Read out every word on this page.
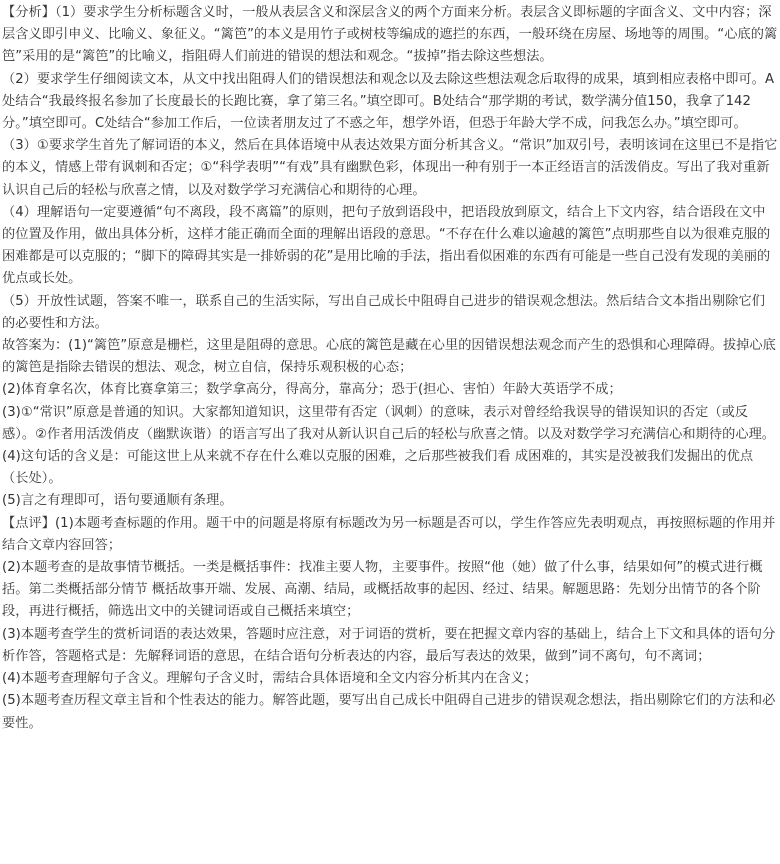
【分析】（1）要求学生分析标题含义时，一般从表层含义和深层含义的两个方面来分析。表层含义即标题的字面含义、文中内容；深层含义即引申义、比喻义、象征义。“篱笆”的本义是用竹子或树枝等编成的遮拦的东西，一般环绕在房屋、场地等的周围。“心底的篱笆”采用的是“篱笆”的比喻义，指阻碍人们前进的错误的想法和观念。“拔掉”指去除这些想法。

（2）要求学生仔细阅读文本，从文中找出阻碍人们的错误想法和观念以及去除这些想法观念后取得的成果，填到相应表格中即可。A处结合“我最终报名参加了长度最长的长跑比赛，拿了第三名。”填空即可。B处结合“那学期的考试，数学满分值150，我拿了142分。”填空即可。C处结合“参加工作后，一位读者朋友过了不惑之年，想学外语，但恐于年龄大学不成，问我怎么办。”填空即可。

（3）①要求学生首先了解词语的本义，然后在具体语境中从表达效果方面分析其含义。“常识”加双引号，表明该词在这里已不是指它的本义，情感上带有讽刺和否定；①“科学表明”“有戏”具有幽默色彩，体现出一种有别于一本正经语言的活泼俏皮。写出了我对重新认识自己后的轻松与欣喜之情，以及对数学学习充满信心和期待的心理。

（4）理解语句一定要遵循“句不离段，段不离篇”的原则，把句子放到语段中，把语段放到原文，结合上下文内容，结合语段在文中的位置及作用，做出具体分析，这样才能正确而全面的理解出语段的意思。“不存在什么难以逾越的篱笆”点明那些自以为很难克服的困难都是可以克服的；“脚下的障碍其实是一排娇弱的花”是用比喻的手法，指出看似困难的东西有可能是一些自己没有发现的美丽的优点或长处。

（5）开放性试题，答案不唯一，联系自己的生活实际，写出自己成长中阻碍自己进步的错误观念想法。然后结合文本指出剔除它们的必要性和方法。

故答案为：(1)“篱笆”原意是栅栏，这里是阻碍的意思。心底的篱笆是藏在心里的因错误想法观念而产生的恐惧和心理障碍。拔掉心底的篱笆是指除去错误的想法、观念，树立自信，保持乐观积极的心态；

(2)体育拿名次，体育比赛拿第三；数学拿高分，得高分，靠高分；恐于(担心、害怕）年龄大英语学不成；

(3)①“常识”原意是普通的知识。大家都知道知识，这里带有否定（讽刺）的意味，表示对曾经给我误导的错误知识的否定（或反感）。②作者用活泼俏皮（幽默诙谐）的语言写出了我对从新认识自己后的轻松与欣喜之情。以及对数学学习充满信心和期待的心理。

(4)这句话的含义是：可能这世上从来就不存在什么难以克服的困难，之后那些被我们看 成困难的，其实是没被我们发掘出的优点（长处）。

(5)言之有理即可，语句要通顺有条理。

【点评】(1)本题考查标题的作用。题干中的问题是将原有标题改为另一标题是否可以，学生作答应先表明观点，再按照标题的作用并结合文章内容回答；

(2)本题考查的是故事情节概括。一类是概括事件：找准主要人物，主要事件。按照“他（她）做了什么事，结果如何”的模式进行概括。第二类概括部分情节 概括故事开端、发展、高潮、结局，或概括故事的起因、经过、结果。解题思路：先划分出情节的各个阶段，再进行概括，筛选出文中的关键词语或自己概括来填空；

(3)本题考查学生的赏析词语的表达效果，答题时应注意，对于词语的赏析，要在把握文章内容的基础上，结合上下文和具体的语句分析作答，答题格式是：先解释词语的意思，在结合语句分析表达的内容，最后写表达的效果，做到”词不离句，句不离词；

(4)本题考查理解句子含义。理解句子含义时，需结合具体语境和全文内容分析其内在含义；

(5)本题考查历程文章主旨和个性表达的能力。解答此题，要写出自己成长中阻碍自己进步的错误观念想法，指出剔除它们的方法和必要性。
